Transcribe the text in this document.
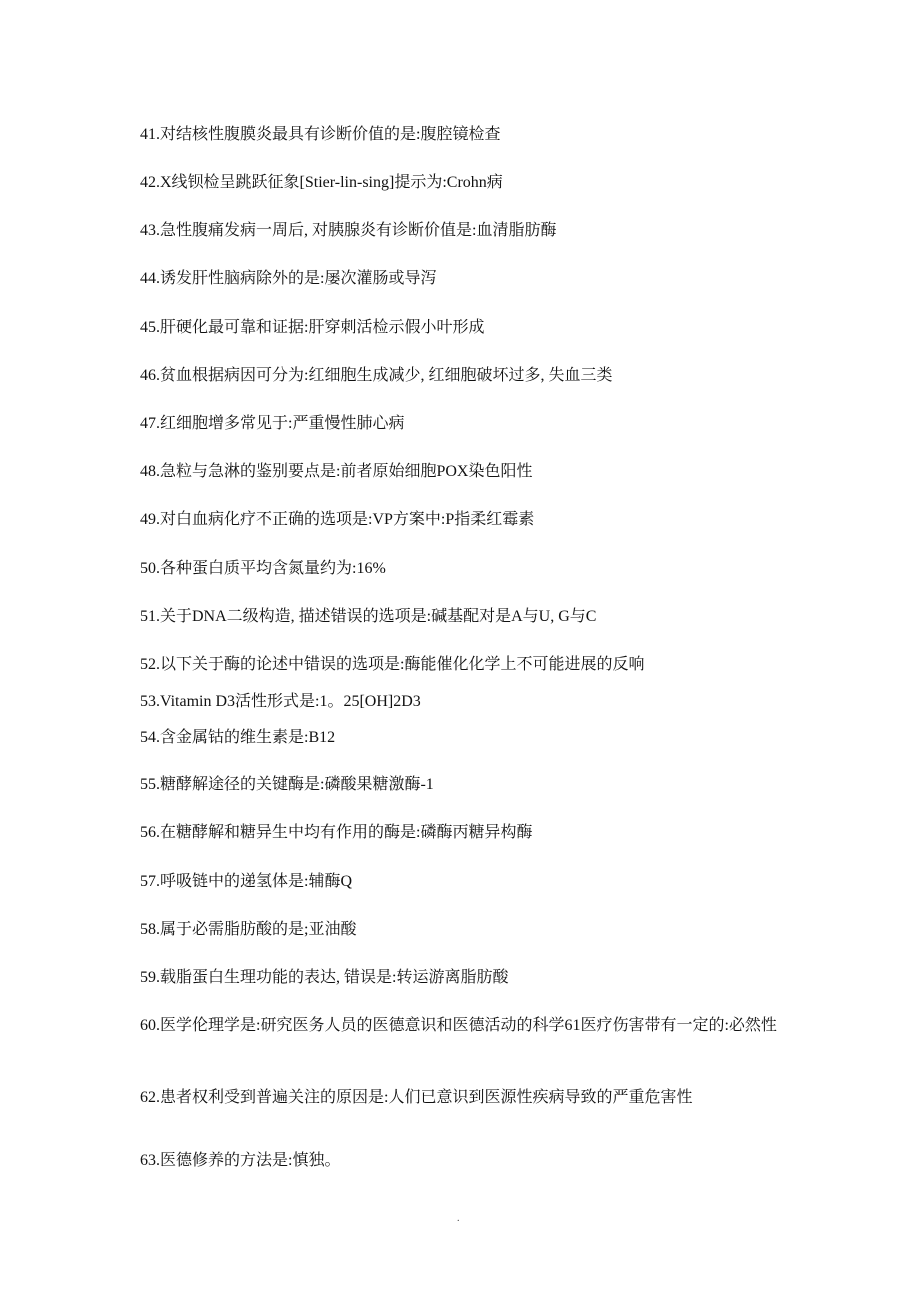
41.对结核性腹膜炎最具有诊断价值的是:腹腔镜检查
42.X线钡检呈跳跃征象[Stier-lin-sing]提示为:Crohn病
43.急性腹痛发病一周后, 对胰腺炎有诊断价值是:血清脂肪酶
44.诱发肝性脑病除外的是:屡次灌肠或导泻
45.肝硬化最可靠和证据:肝穿刺活检示假小叶形成
46.贫血根据病因可分为:红细胞生成减少, 红细胞破坏过多, 失血三类
47.红细胞增多常见于:严重慢性肺心病
48.急粒与急淋的鉴别要点是:前者原始细胞POX染色阳性
49.对白血病化疗不正确的选项是:VP方案中:P指柔红霉素
50.各种蛋白质平均含氮量约为:16%
51.关于DNA二级构造, 描述错误的选项是:碱基配对是A与U, G与C
52.以下关于酶的论述中错误的选项是:酶能催化化学上不可能进展的反响
53.Vitamin D3活性形式是:1。25[OH]2D3
54.含金属钴的维生素是:B12
55.糖酵解途径的关键酶是:磷酸果糖激酶-1
56.在糖酵解和糖异生中均有作用的酶是:磷酶丙糖异构酶
57.呼吸链中的递氢体是:辅酶Q
58.属于必需脂肪酸的是;亚油酸
59.载脂蛋白生理功能的表达, 错误是:转运游离脂肪酸
60.医学伦理学是:研究医务人员的医德意识和医德活动的科学61医疗伤害带有一定的:必然性
62.患者权利受到普遍关注的原因是:人们已意识到医源性疾病导致的严重危害性
63.医德修养的方法是:慎独。
.
